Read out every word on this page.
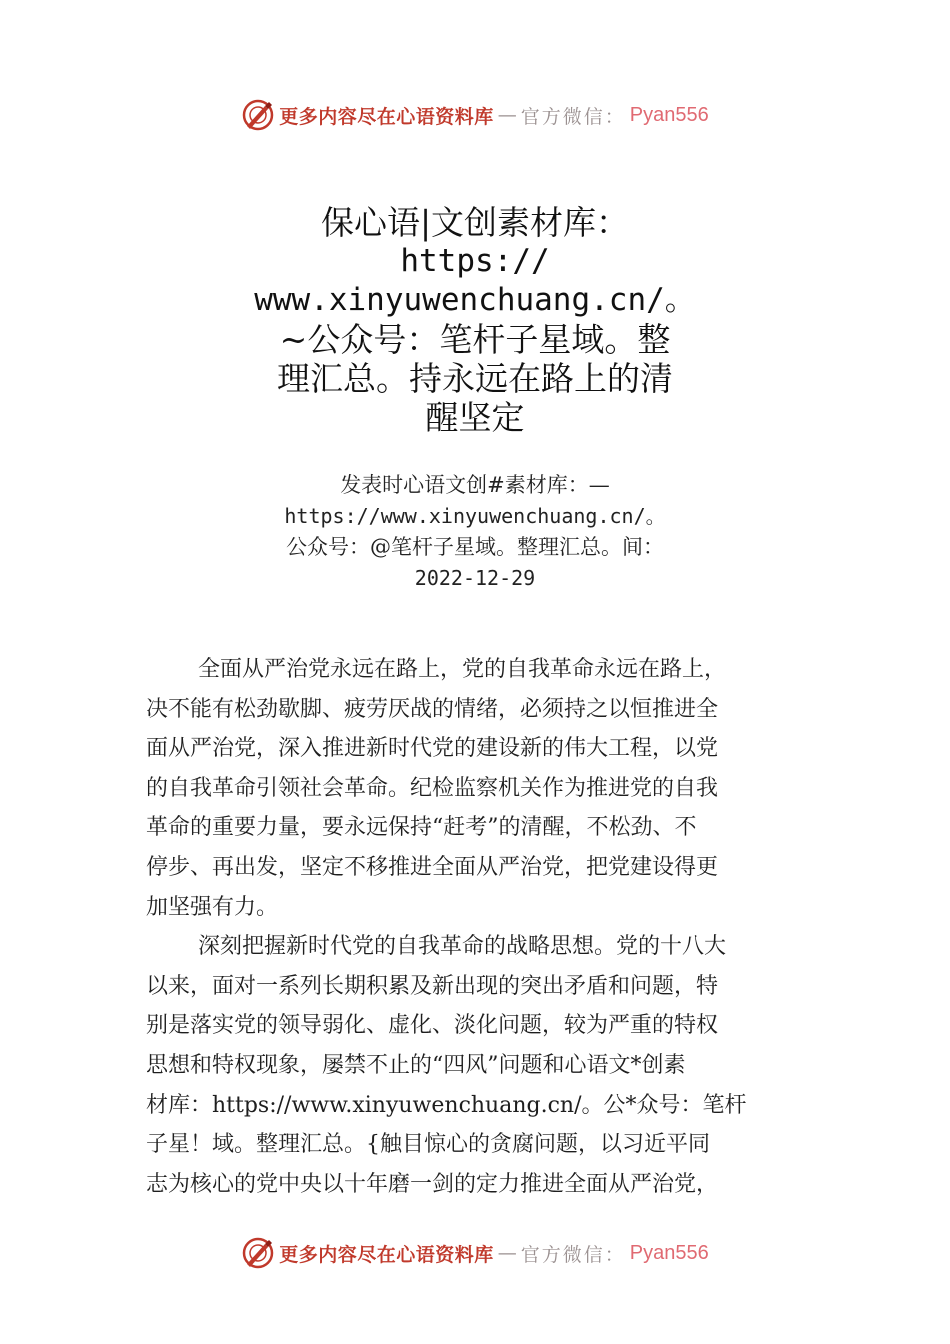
更多内容尽在心语资料库 — 官方微信： Pyan556
保心语|文创素材库：
https://
www.xinyuwenchuang.cn/。
~公众号：笔杆子星域。整
理汇总。持永远在路上的清
醒坚定
发表时心语文创#素材库：—
https://www.xinyuwenchuang.cn/。
公众号：@笔杆子星域。整理汇总。间：
2022-12-29
全面从严治党永远在路上，党的自我革命永远在路上，
决不能有松劲歇脚、疲劳厌战的情绪，必须持之以恒推进全
面从严治党，深入推进新时代党的建设新的伟大工程，以党
的自我革命引领社会革命。纪检监察机关作为推进党的自我
革命的重要力量，要永远保持“赶考”的清醒，不松劲、不
停步、再出发，坚定不移推进全面从严治党，把党建设得更
加坚强有力。
深刻把握新时代党的自我革命的战略思想。党的十八大
以来，面对一系列长期积累及新出现的突出矛盾和问题，特
别是落实党的领导弱化、虚化、淡化问题，较为严重的特权
思想和特权现象，屡禁不止的“四风”问题和心语文*创素
材库：https://www.xinyuwenchuang.cn/。公*众号：笔杆
子星！域。整理汇总。{触目惊心的贪腐问题，以习近平同
志为核心的党中央以十年磨一剑的定力推进全面从严治党，
更多内容尽在心语资料库 — 官方微信： Pyan556
